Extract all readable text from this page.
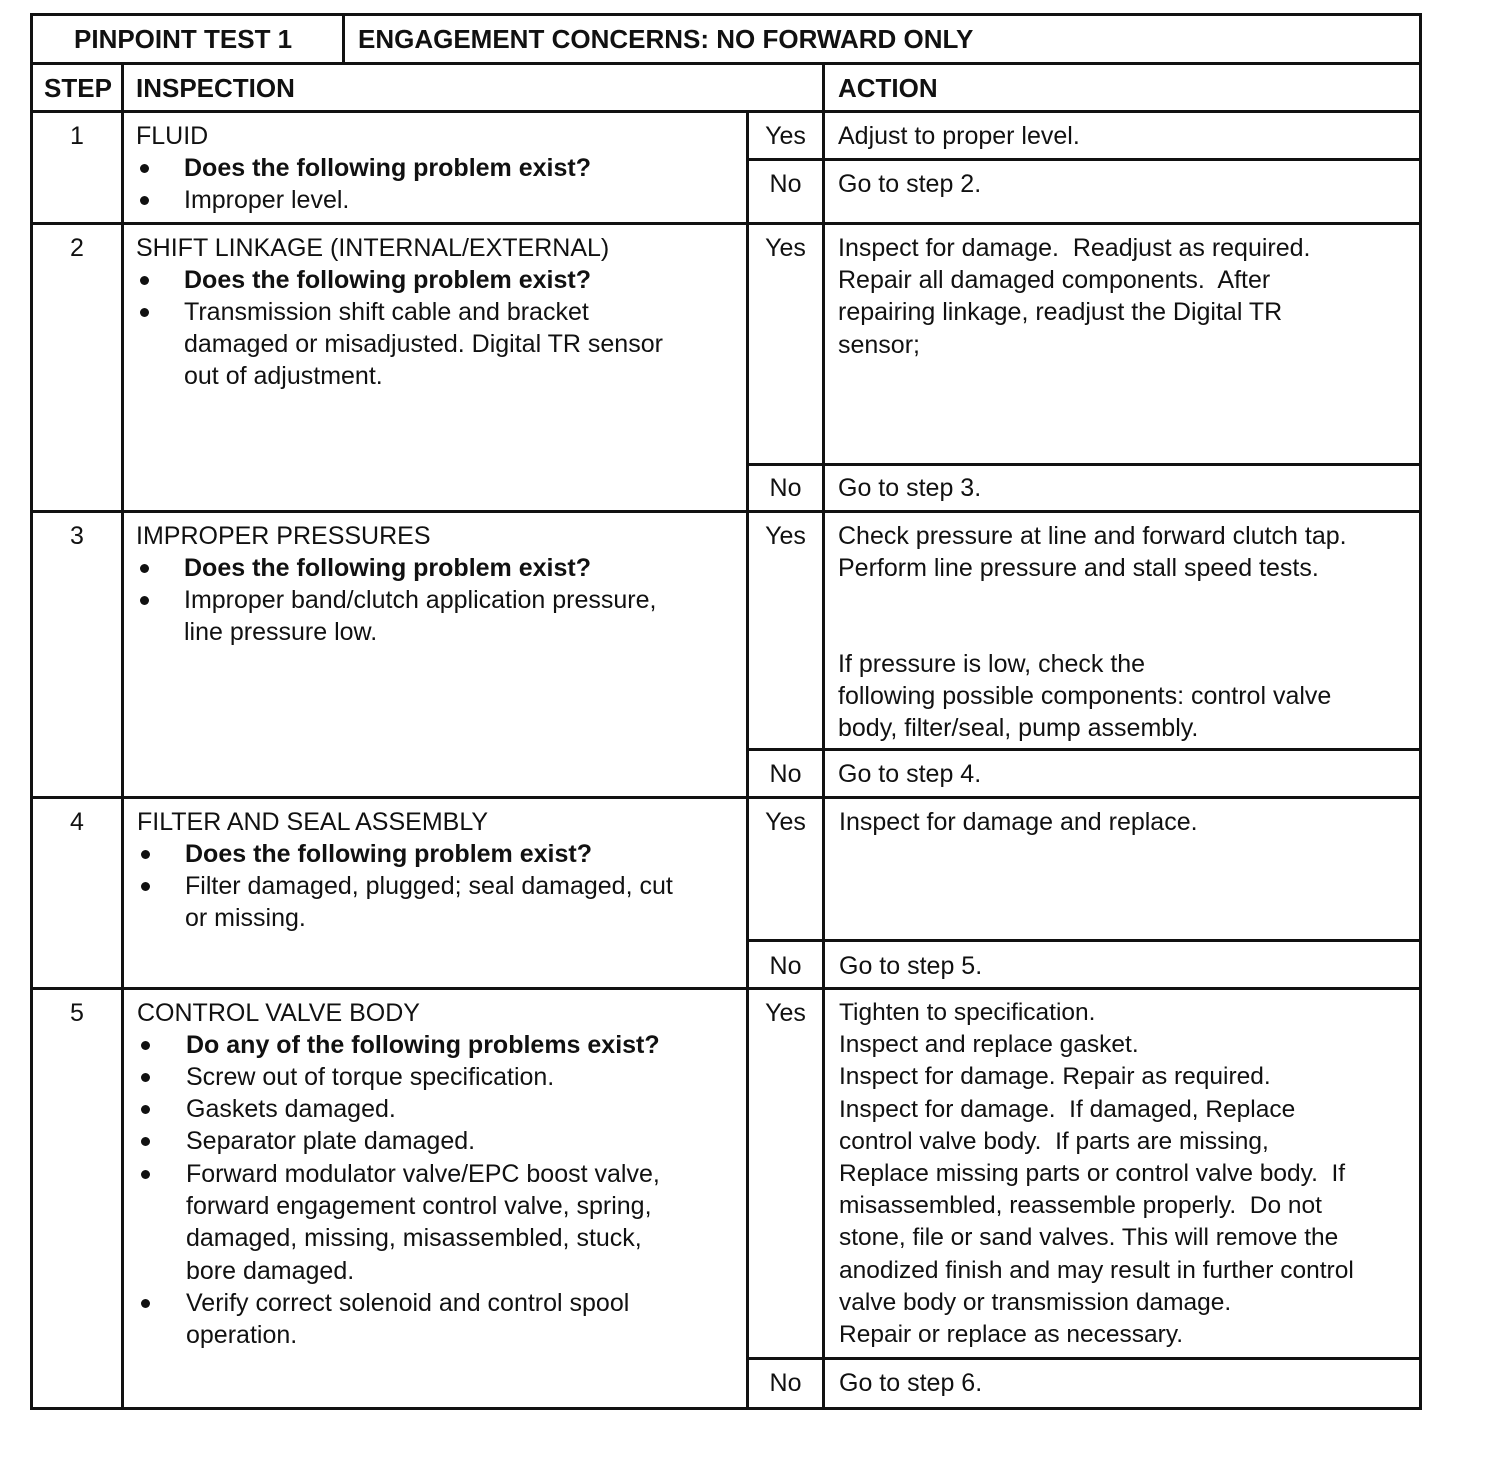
PINPOINT TEST 1	ENGAGEMENT CONCERNS: NO FORWARD ONLY
STEP INSPECTION	ACTION
1	FLUID
Does the following problem exist?
Improper level.
Yes	Adjust to proper level.
No	Go to step 2.
2	SHIFT LINKAGE (INTERNAL/EXTERNAL)
Does the following problem exist?
Transmission shift cable and bracket
damaged or misadjusted. Digital TR sensor
out of adjustment.
Yes	Inspect for damage.  Readjust as required.
Repair all damaged components.  After
repairing linkage, readjust the Digital TR
sensor;
No	Go to step 3.
3	IMPROPER PRESSURES
Does the following problem exist?
Improper band/clutch application pressure,
line pressure low.
Yes	Check pressure at line and forward clutch tap.
Perform line pressure and stall speed tests.
If pressure is low, check the
following possible components: control valve
body, filter/seal, pump assembly.
No	Go to step 4.
4	FILTER AND SEAL ASSEMBLY
Does the following problem exist?
Filter damaged, plugged; seal damaged, cut
or missing.
Yes	Inspect for damage and replace.
No	Go to step 5.
5	CONTROL VALVE BODY
Do any of the following problems exist?
Screw out of torque specification.
Gaskets damaged.
Separator plate damaged.
Forward modulator valve/EPC boost valve,
forward engagement control valve, spring,
damaged, missing, misassembled, stuck,
bore damaged.
Verify correct solenoid and control spool
operation.
Yes	Tighten to specification.
Inspect and replace gasket.
Inspect for damage. Repair as required.
Inspect for damage.  If damaged, Replace
control valve body.  If parts are missing,
Replace missing parts or control valve body.  If
misassembled, reassemble properly.  Do not
stone, file or sand valves. This will remove the
anodized finish and may result in further control
valve body or transmission damage.
Repair or replace as necessary.
No	Go to step 6.
